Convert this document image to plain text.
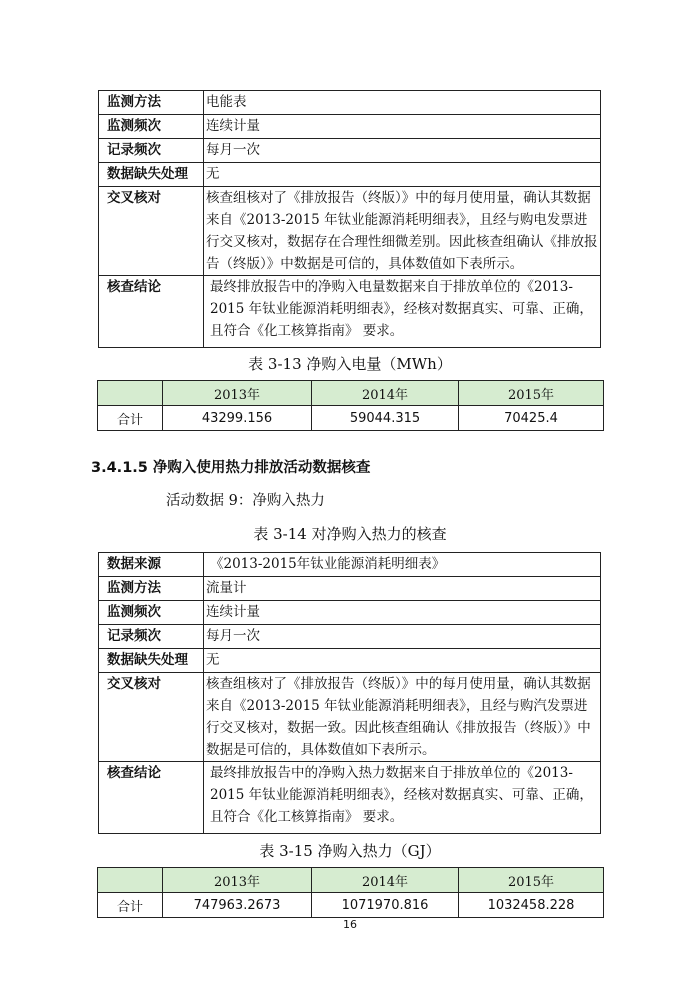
监测方法	电能表
监测频次	连续计量
记录频次	每月一次
数据缺失处理	无
交叉核对	核查组核对了《排放报告（终版）》中的每月使用量，确认其数据来自《2013-2015 年钛业能源消耗明细表》，且经与购电发票进行交叉核对，数据存在合理性细微差别。因此核查组确认《排放报告（终版）》中数据是可信的，具体数值如下表所示。
核查结论	最终排放报告中的净购入电量数据来自于排放单位的《2013-2015 年钛业能源消耗明细表》，经核对数据真实、可靠、正确，且符合《化工核算指南》 要求。
表 3-13 净购入电量（MWh）
	2013年	2014年	2015年
合计	43299.156	59044.315	70425.4
3.4.1.5 净购入使用热力排放活动数据核查
活动数据 9：净购入热力
表 3-14 对净购入热力的核查
数据来源	《2013-2015年钛业能源消耗明细表》
监测方法	流量计
监测频次	连续计量
记录频次	每月一次
数据缺失处理	无
交叉核对	核查组核对了《排放报告（终版）》中的每月使用量，确认其数据来自《2013-2015 年钛业能源消耗明细表》，且经与购汽发票进行交叉核对，数据一致。因此核查组确认《排放报告（终版）》中数据是可信的，具体数值如下表所示。
核查结论	最终排放报告中的净购入热力数据来自于排放单位的《2013-2015 年钛业能源消耗明细表》，经核对数据真实、可靠、正确，且符合《化工核算指南》 要求。
表 3-15 净购入热力（GJ）
	2013年	2014年	2015年
合计	747963.2673	1071970.816	1032458.228
16
